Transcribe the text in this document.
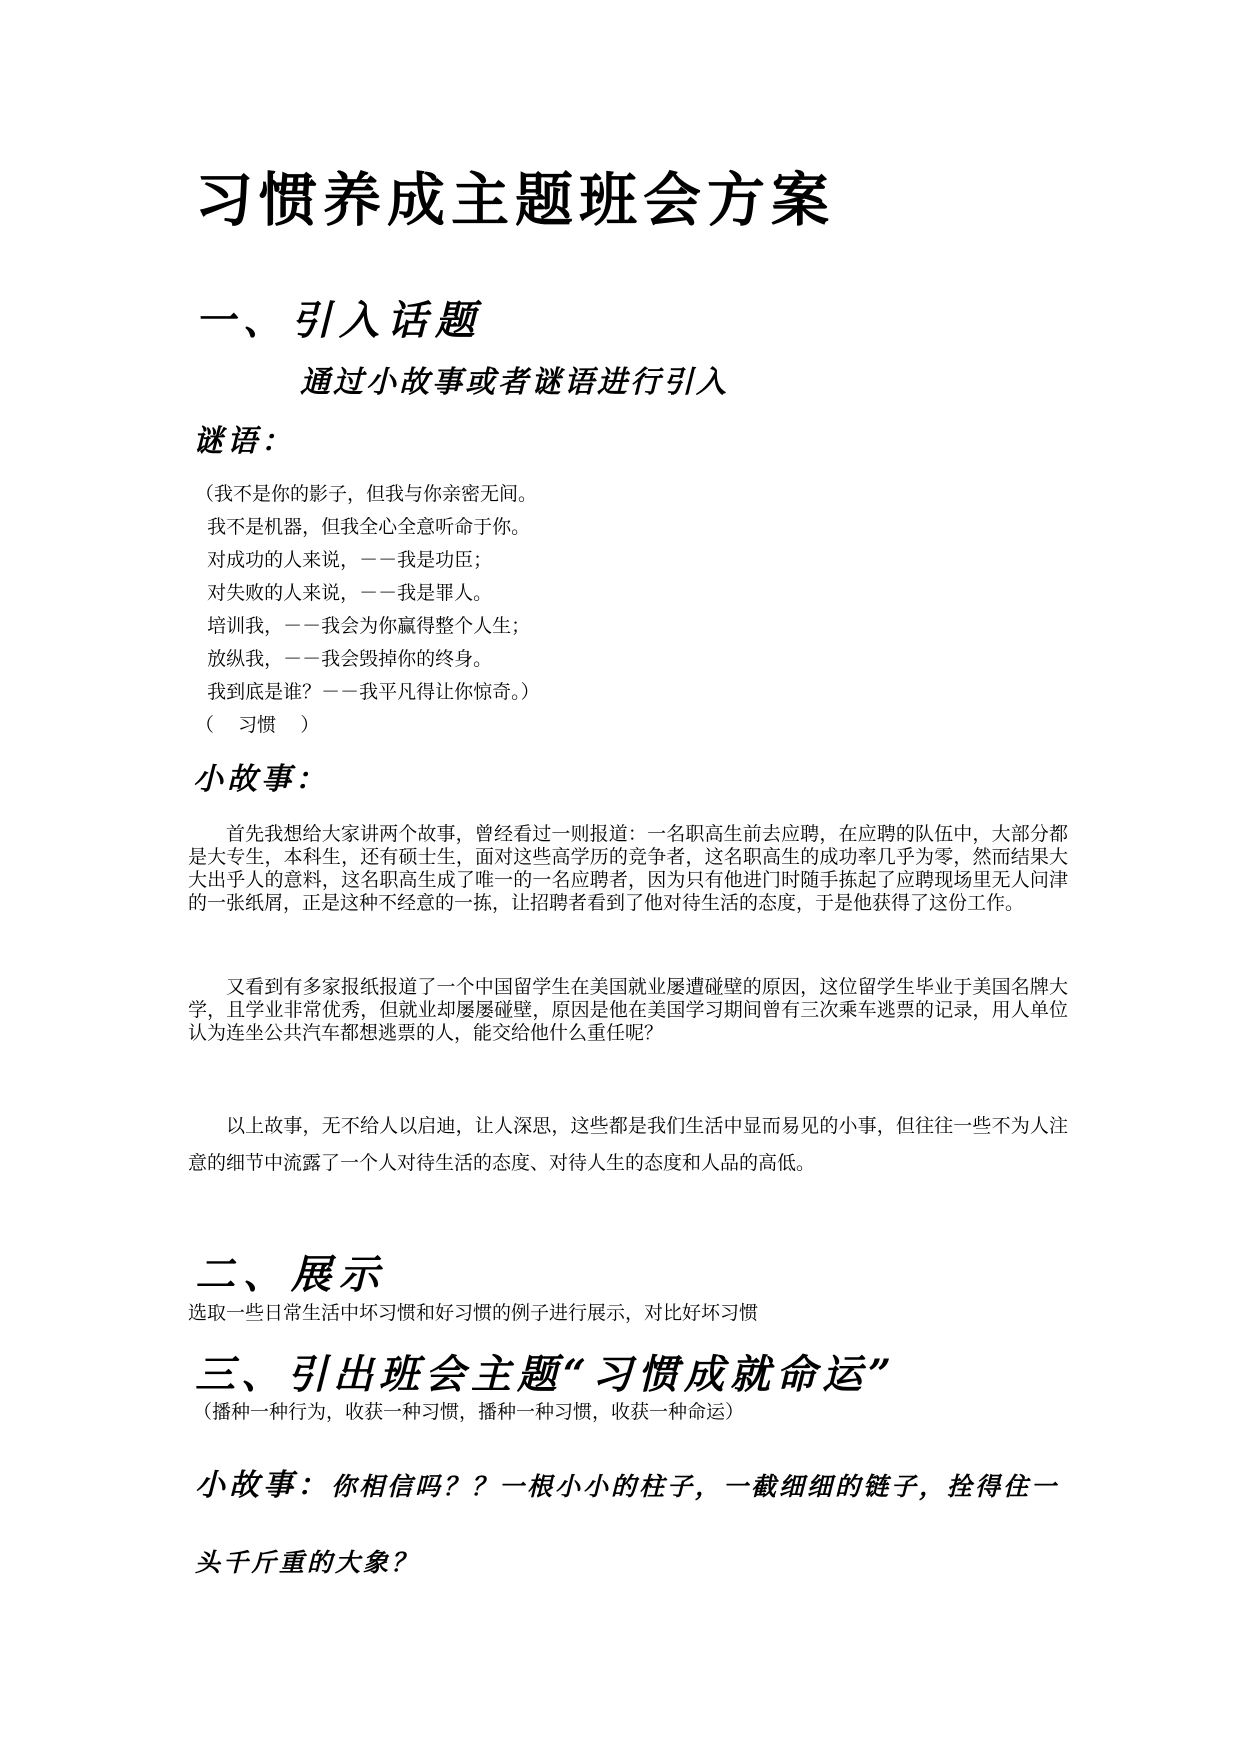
习惯养成主题班会方案
一、引入话题
通过小故事或者谜语进行引入
谜语：
（我不是你的影子，但我与你亲密无间。
我不是机器，但我全心全意听命于你。
对成功的人来说，－－我是功臣；
对失败的人来说，－－我是罪人。
培训我，－－我会为你赢得整个人生；
放纵我，－－我会毁掉你的终身。
我到底是谁？－－我平凡得让你惊奇。）
（    习惯    ）
小故事：

首先我想给大家讲两个故事，曾经看过一则报道：一名职高生前去应聘，在应聘的队伍中，大部分都是大专生，本科生，还有硕士生，面对这些高学历的竞争者，这名职高生的成功率几乎为零，然而结果大大出乎人的意料，这名职高生成了唯一的一名应聘者，因为只有他进门时随手拣起了应聘现场里无人问津的一张纸屑，正是这种不经意的一拣，让招聘者看到了他对待生活的态度，于是他获得了这份工作。

又看到有多家报纸报道了一个中国留学生在美国就业屡遭碰壁的原因，这位留学生毕业于美国名牌大学，且学业非常优秀，但就业却屡屡碰壁，原因是他在美国学习期间曾有三次乘车逃票的记录，用人单位认为连坐公共汽车都想逃票的人，能交给他什么重任呢？

以上故事，无不给人以启迪，让人深思，这些都是我们生活中显而易见的小事，但往往一些不为人注意的细节中流露了一个人对待生活的态度、对待人生的态度和人品的高低。

二、展示
选取一些日常生活中坏习惯和好习惯的例子进行展示，对比好坏习惯
三、引出班会主题“习惯成就命运”
（播种一种行为，收获一种习惯，播种一种习惯，收获一种命运）

小故事：你相信吗？？一根小小的柱子，一截细细的链子，拴得住一头千斤重的大象？
